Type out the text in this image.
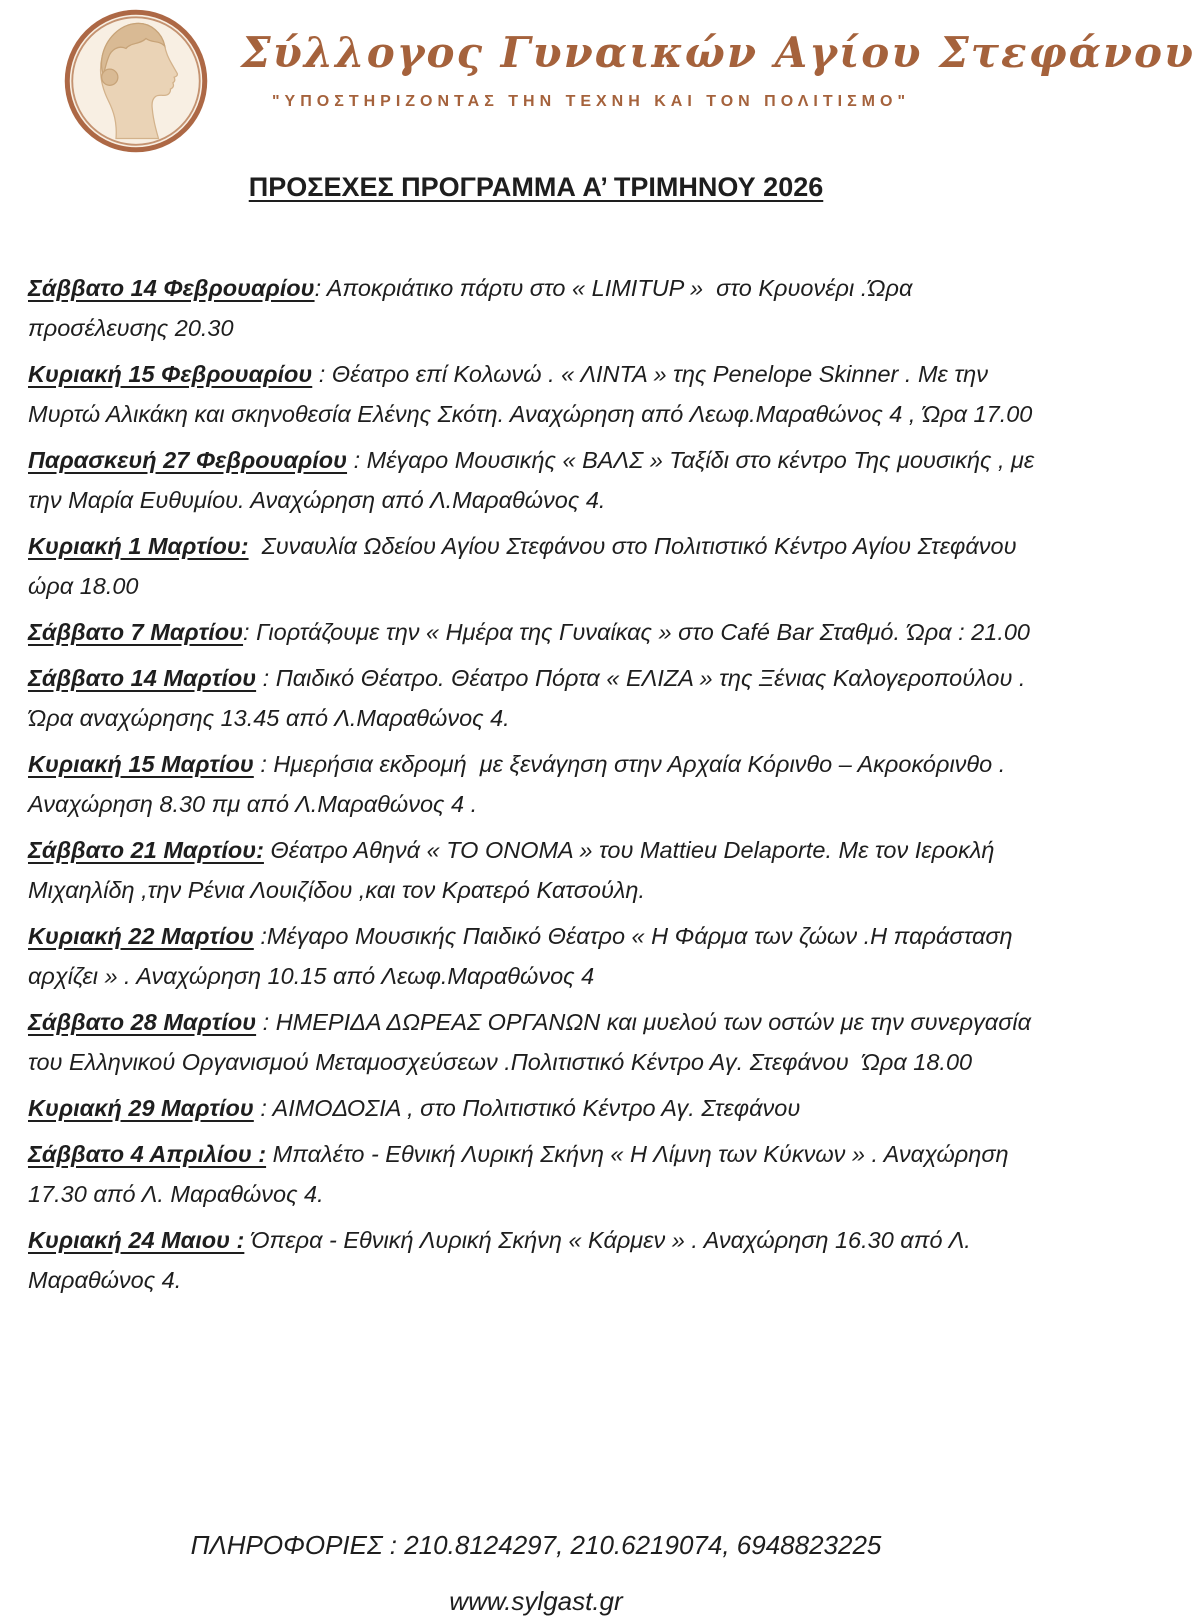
Σύλλογος Γυναικών Αγίου Στεφάνου
"ΥΠΟΣΤΗΡΙΖΟΝΤΑΣ ΤΗΝ ΤΕΧΝΗ ΚΑΙ ΤΟΝ ΠΟΛΙΤΙΣΜΟ"
ΠΡΟΣΕΧΕΣ ΠΡΟΓΡΑΜΜΑ Α’ ΤΡΙΜΗΝΟΥ 2026

Σάββατο 14 Φεβρουαρίου: Αποκριάτικο πάρτυ στο « LIMITUP »  στο Κρυονέρι .Ώρα προσέλευσης 20.30

Κυριακή 15 Φεβρουαρίου : Θέατρο επί Κολωνώ . « ΛΙΝΤΑ » της Penelope Skinner . Με την Μυρτώ Αλικάκη και σκηνοθεσία Ελένης Σκότη. Αναχώρηση από Λεωφ.Μαραθώνος 4 , Ώρα 17.00

Παρασκευή 27 Φεβρουαρίου : Μέγαρο Μουσικής « ΒΑΛΣ » Ταξίδι στο κέντρο Της μουσικής , με την Μαρία Ευθυμίου. Αναχώρηση από Λ.Μαραθώνος 4.

Κυριακή 1 Μαρτίου: Συναυλία Ωδείου Αγίου Στεφάνου στο Πολιτιστικό Κέντρο Αγίου Στεφάνου ώρα 18.00

Σάββατο 7 Μαρτίου: Γιορτάζουμε την « Ημέρα της Γυναίκας » στο Café Bar Σταθμό. Ώρα : 21.00

Σάββατο 14 Μαρτίου : Παιδικό Θέατρο. Θέατρο Πόρτα « ΕΛΙΖΑ » της Ξένιας Καλογεροπούλου . Ώρα αναχώρησης 13.45 από Λ.Μαραθώνος 4.

Κυριακή 15 Μαρτίου : Ημερήσια εκδρομή  με ξενάγηση στην Αρχαία Κόρινθο – Ακροκόρινθο . Αναχώρηση 8.30 πμ από Λ.Μαραθώνος 4 .

Σάββατο 21 Μαρτίου: Θέατρο Αθηνά « ΤΟ ΟΝΟΜΑ » του Mattieu Delaporte. Με τον Ιεροκλή Μιχαηλίδη ,την Ρένια Λουιζίδου ,και τον Κρατερό Κατσούλη.

Κυριακή 22 Μαρτίου :Μέγαρο Μουσικής Παιδικό Θέατρο « Η Φάρμα των ζώων .Η παράσταση αρχίζει » . Αναχώρηση 10.15 από Λεωφ.Μαραθώνος 4

Σάββατο 28 Μαρτίου : ΗΜΕΡΙΔΑ ΔΩΡΕΑΣ ΟΡΓΑΝΩΝ και μυελού των οστών με την συνεργασία του Ελληνικού Οργανισμού Μεταμοσχεύσεων .Πολιτιστικό Κέντρο Αγ. Στεφάνου  Ώρα 18.00

Κυριακή 29 Μαρτίου : ΑΙΜΟΔΟΣΙΑ , στο Πολιτιστικό Κέντρο Αγ. Στεφάνου

Σάββατο 4 Απριλίου : Μπαλέτο - Εθνική Λυρική Σκήνη « Η Λίμνη των Κύκνων » . Αναχώρηση 17.30 από Λ. Μαραθώνος 4.

Κυριακή 24 Μαιου : Όπερα - Εθνική Λυρική Σκήνη « Κάρμεν » . Αναχώρηση 16.30 από Λ. Μαραθώνος 4.

ΠΛΗΡΟΦΟΡΙΕΣ : 210.8124297, 210.6219074, 6948823225

www.sylgast.gr
